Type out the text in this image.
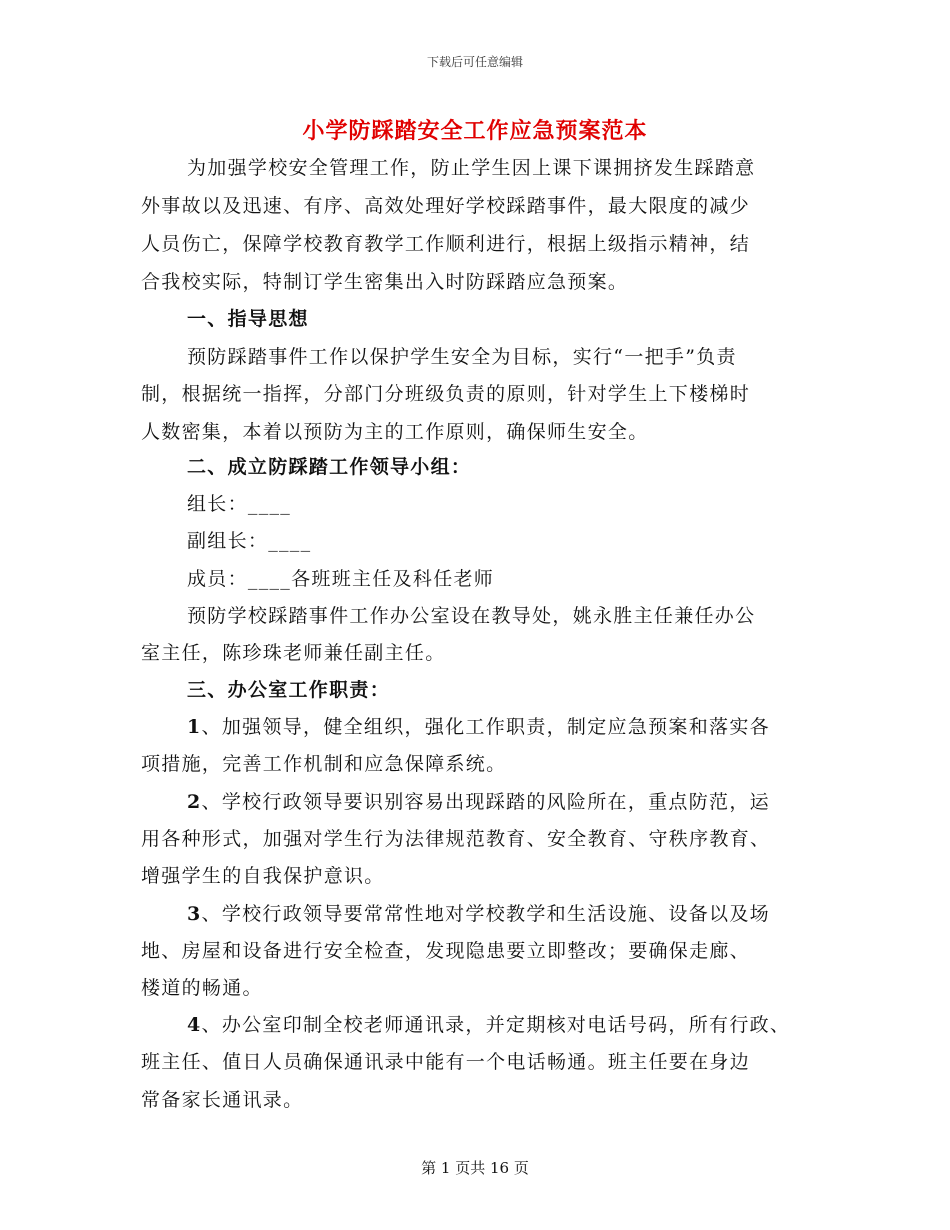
下载后可任意编辑
小学防踩踏安全工作应急预案范本
为加强学校安全管理工作，防止学生因上课下课拥挤发生踩踏意
外事故以及迅速、有序、高效处理好学校踩踏事件，最大限度的减少
人员伤亡，保障学校教育教学工作顺利进行，根据上级指示精神，结
合我校实际，特制订学生密集出入时防踩踏应急预案。
一、指导思想
预防踩踏事件工作以保护学生安全为目标，实行“一把手”负责
制，根据统一指挥，分部门分班级负责的原则，针对学生上下楼梯时
人数密集，本着以预防为主的工作原则，确保师生安全。
二、成立防踩踏工作领导小组：
组长：____
副组长：____
成员：____各班班主任及科任老师
预防学校踩踏事件工作办公室设在教导处，姚永胜主任兼任办公
室主任，陈珍珠老师兼任副主任。
三、办公室工作职责：
1、加强领导，健全组织，强化工作职责，制定应急预案和落实各
项措施，完善工作机制和应急保障系统。
2、学校行政领导要识别容易出现踩踏的风险所在，重点防范，运
用各种形式，加强对学生行为法律规范教育、安全教育、守秩序教育、
增强学生的自我保护意识。
3、学校行政领导要常常性地对学校教学和生活设施、设备以及场
地、房屋和设备进行安全检查，发现隐患要立即整改；要确保走廊、
楼道的畅通。
4、办公室印制全校老师通讯录，并定期核对电话号码，所有行政、
班主任、值日人员确保通讯录中能有一个电话畅通。班主任要在身边
常备家长通讯录。
第 1 页共 16 页
